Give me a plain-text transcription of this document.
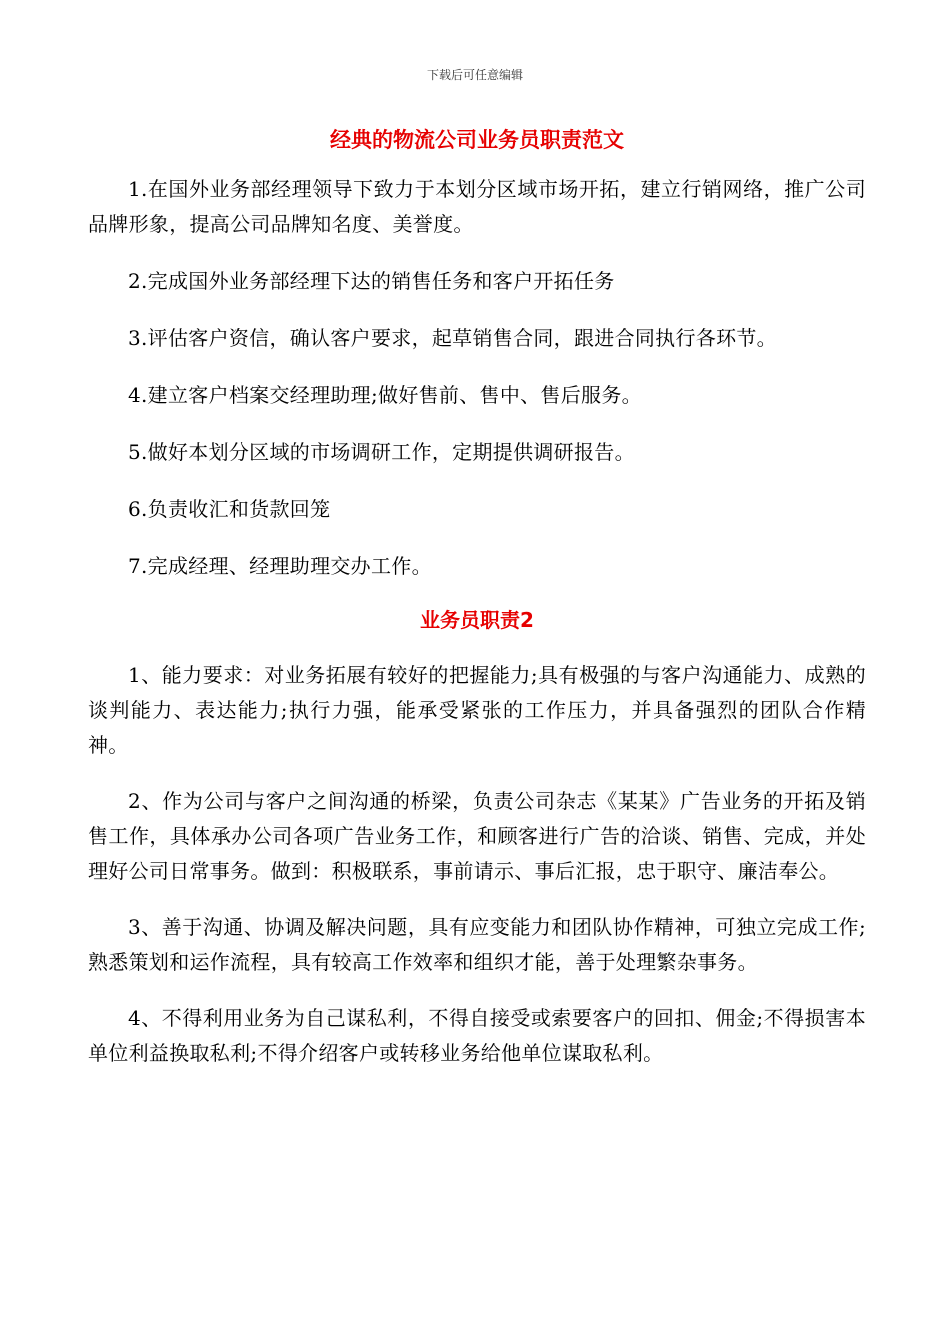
下载后可任意编辑
经典的物流公司业务员职责范文

1.在国外业务部经理领导下致力于本划分区域市场开拓，建立行销网络，推广公司品牌形象，提高公司品牌知名度、美誉度。

2.完成国外业务部经理下达的销售任务和客户开拓任务

3.评估客户资信，确认客户要求，起草销售合同，跟进合同执行各环节。

4.建立客户档案交经理助理;做好售前、售中、售后服务。

5.做好本划分区域的市场调研工作，定期提供调研报告。

6.负责收汇和货款回笼

7.完成经理、经理助理交办工作。

业务员职责2

1、能力要求：对业务拓展有较好的把握能力;具有极强的与客户沟通能力、成熟的谈判能力、表达能力;执行力强，能承受紧张的工作压力，并具备强烈的团队合作精神。

2、作为公司与客户之间沟通的桥梁，负责公司杂志《某某》广告业务的开拓及销售工作，具体承办公司各项广告业务工作，和顾客进行广告的洽谈、销售、完成，并处理好公司日常事务。做到：积极联系，事前请示、事后汇报，忠于职守、廉洁奉公。

3、善于沟通、协调及解决问题，具有应变能力和团队协作精神，可独立完成工作;熟悉策划和运作流程，具有较高工作效率和组织才能，善于处理繁杂事务。

4、不得利用业务为自己谋私利，不得自接受或索要客户的回扣、佣金;不得损害本单位利益换取私利;不得介绍客户或转移业务给他单位谋取私利。
